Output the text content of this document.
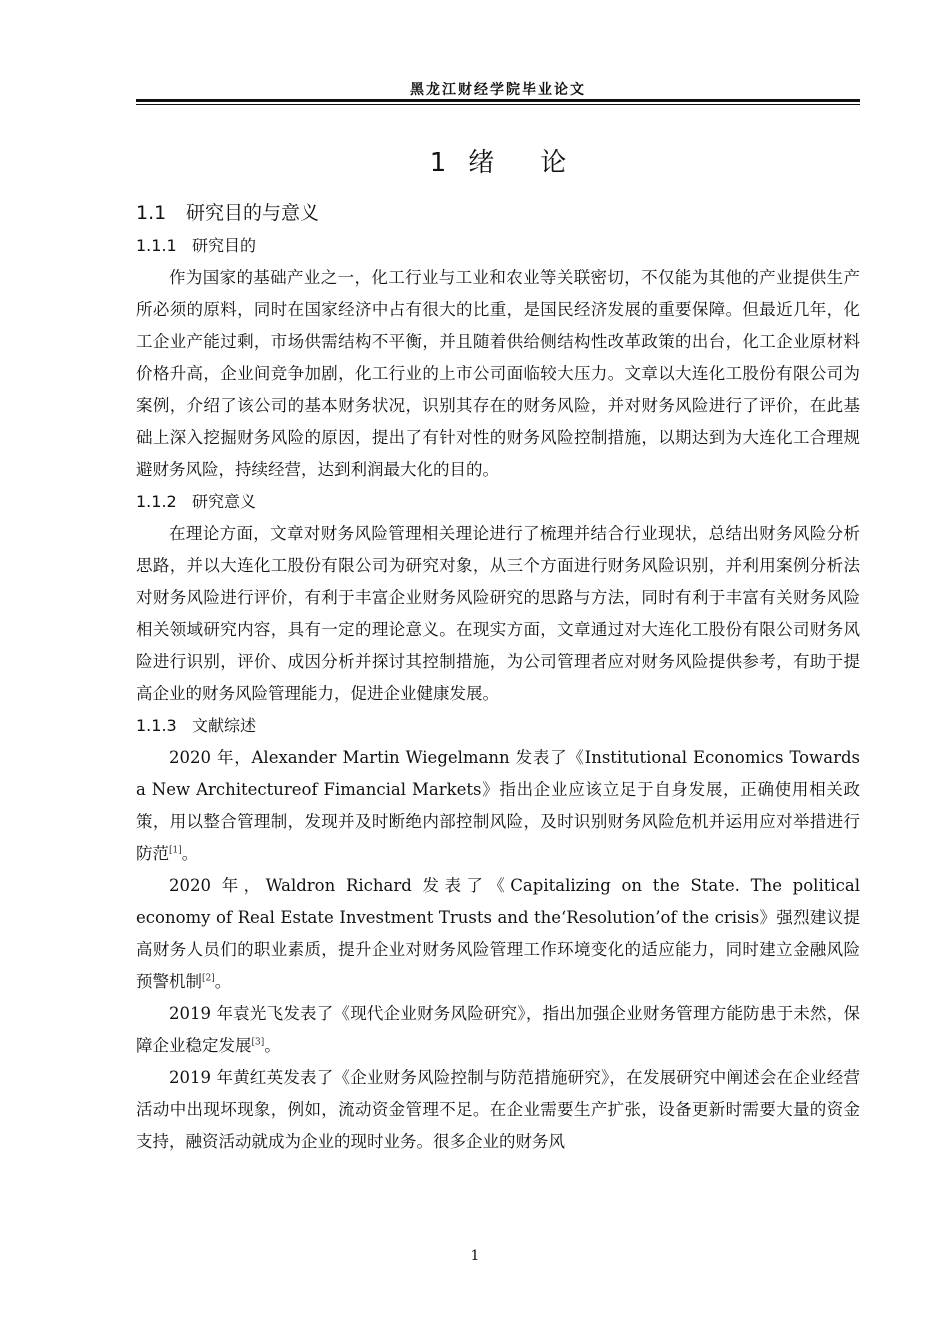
黑龙江财经学院毕业论文
1 绪 论
1.1 研究目的与意义
1.1.1 研究目的

作为国家的基础产业之一，化工行业与工业和农业等关联密切，不仅能为其他的产业提供生产所必须的原料，同时在国家经济中占有很大的比重，是国民经济发展的重要保障。但最近几年，化工企业产能过剩，市场供需结构不平衡，并且随着供给侧结构性改革政策的出台，化工企业原材料价格升高，企业间竞争加剧，化工行业的上市公司面临较大压力。文章以大连化工股份有限公司为案例，介绍了该公司的基本财务状况，识别其存在的财务风险，并对财务风险进行了评价，在此基础上深入挖掘财务风险的原因，提出了有针对性的财务风险控制措施，以期达到为大连化工合理规避财务风险，持续经营，达到利润最大化的目的。

1.1.2 研究意义

在理论方面，文章对财务风险管理相关理论进行了梳理并结合行业现状，总结出财务风险分析思路，并以大连化工股份有限公司为研究对象，从三个方面进行财务风险识别，并利用案例分析法对财务风险进行评价，有利于丰富企业财务风险研究的思路与方法，同时有利于丰富有关财务风险相关领域研究内容，具有一定的理论意义。在现实方面，文章通过对大连化工股份有限公司财务风险进行识别，评价、成因分析并探讨其控制措施，为公司管理者应对财务风险提供参考，有助于提高企业的财务风险管理能力，促进企业健康发展。

1.1.3 文献综述

2020 年，Alexander Martin Wiegelmann 发表了《Institutional Economics Towards a New Architectureof Fimancial Markets》指出企业应该立足于自身发展，正确使用相关政策，用以整合管理制，发现并及时断绝内部控制风险，及时识别财务风险危机并运用应对举措进行防范[1]。

2020 年，Waldron Richard 发表了《Capitalizing on the State. The political economy of Real Estate Investment Trusts and the‘Resolution’of the crisis》强烈建议提高财务人员们的职业素质，提升企业对财务风险管理工作环境变化的适应能力，同时建立金融风险预警机制[2]。

2019 年袁光飞发表了《现代企业财务风险研究》，指出加强企业财务管理方能防患于未然，保障企业稳定发展[3]。

2019 年黄红英发表了《企业财务风险控制与防范措施研究》，在发展研究中阐述会在企业经营活动中出现坏现象，例如，流动资金管理不足。在企业需要生产扩张，设备更新时需要大量的资金支持，融资活动就成为企业的现时业务。很多企业的财务风

1
